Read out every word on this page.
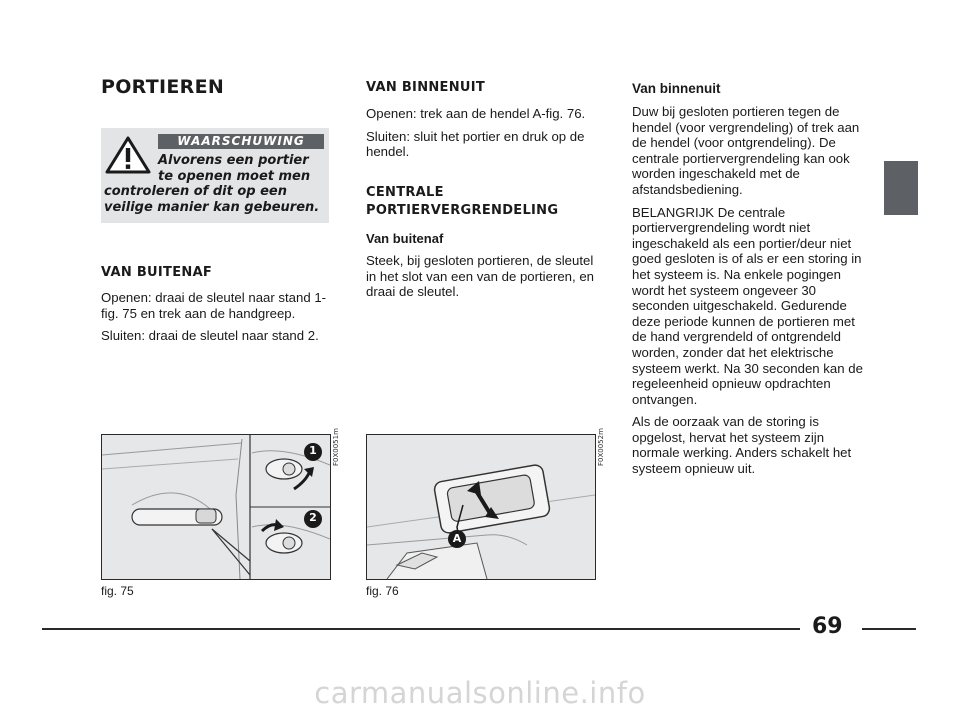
PORTIEREN
WAARSCHUWING
Alvorens een portier te openen moet men
controleren of dit op een veilige manier kan gebeuren.
VAN BUITENAF

Openen: draai de sleutel naar stand 1-fig. 75 en trek aan de handgreep.

Sluiten: draai de sleutel naar stand 2.

VAN BINNENUIT

Openen: trek aan de hendel A-fig. 76.

Sluiten: sluit het portier en druk op de hendel.

CENTRALE PORTIERVERGRENDELING
Van buitenaf

Steek, bij gesloten portieren, de sleutel in het slot van een van de portieren, en draai de sleutel.

Van binnenuit

Duw bij gesloten portieren tegen de hendel (voor vergrendeling) of trek aan de hendel (voor ontgrendeling). De centrale portiervergrendeling kan ook worden ingeschakeld met de afstandsbediening.

BELANGRIJK De centrale portiervergrendeling wordt niet ingeschakeld als een portier/deur niet goed gesloten is of als er een storing in het systeem is. Na enkele pogingen wordt het systeem ongeveer 30 seconden uitgeschakeld. Gedurende deze periode kunnen de portieren met de hand vergrendeld of ontgrendeld worden, zonder dat het elektrische systeem werkt. Na 30 seconden kan de regeleenheid opnieuw opdrachten ontvangen.

Als de oorzaak van de storing is opgelost, hervat het systeem zijn normale werking. Anders schakelt het systeem opnieuw uit.

1
2
F0X0051m
fig. 75
A
F0X0052m
fig. 76
69
carmanualsonline.info
